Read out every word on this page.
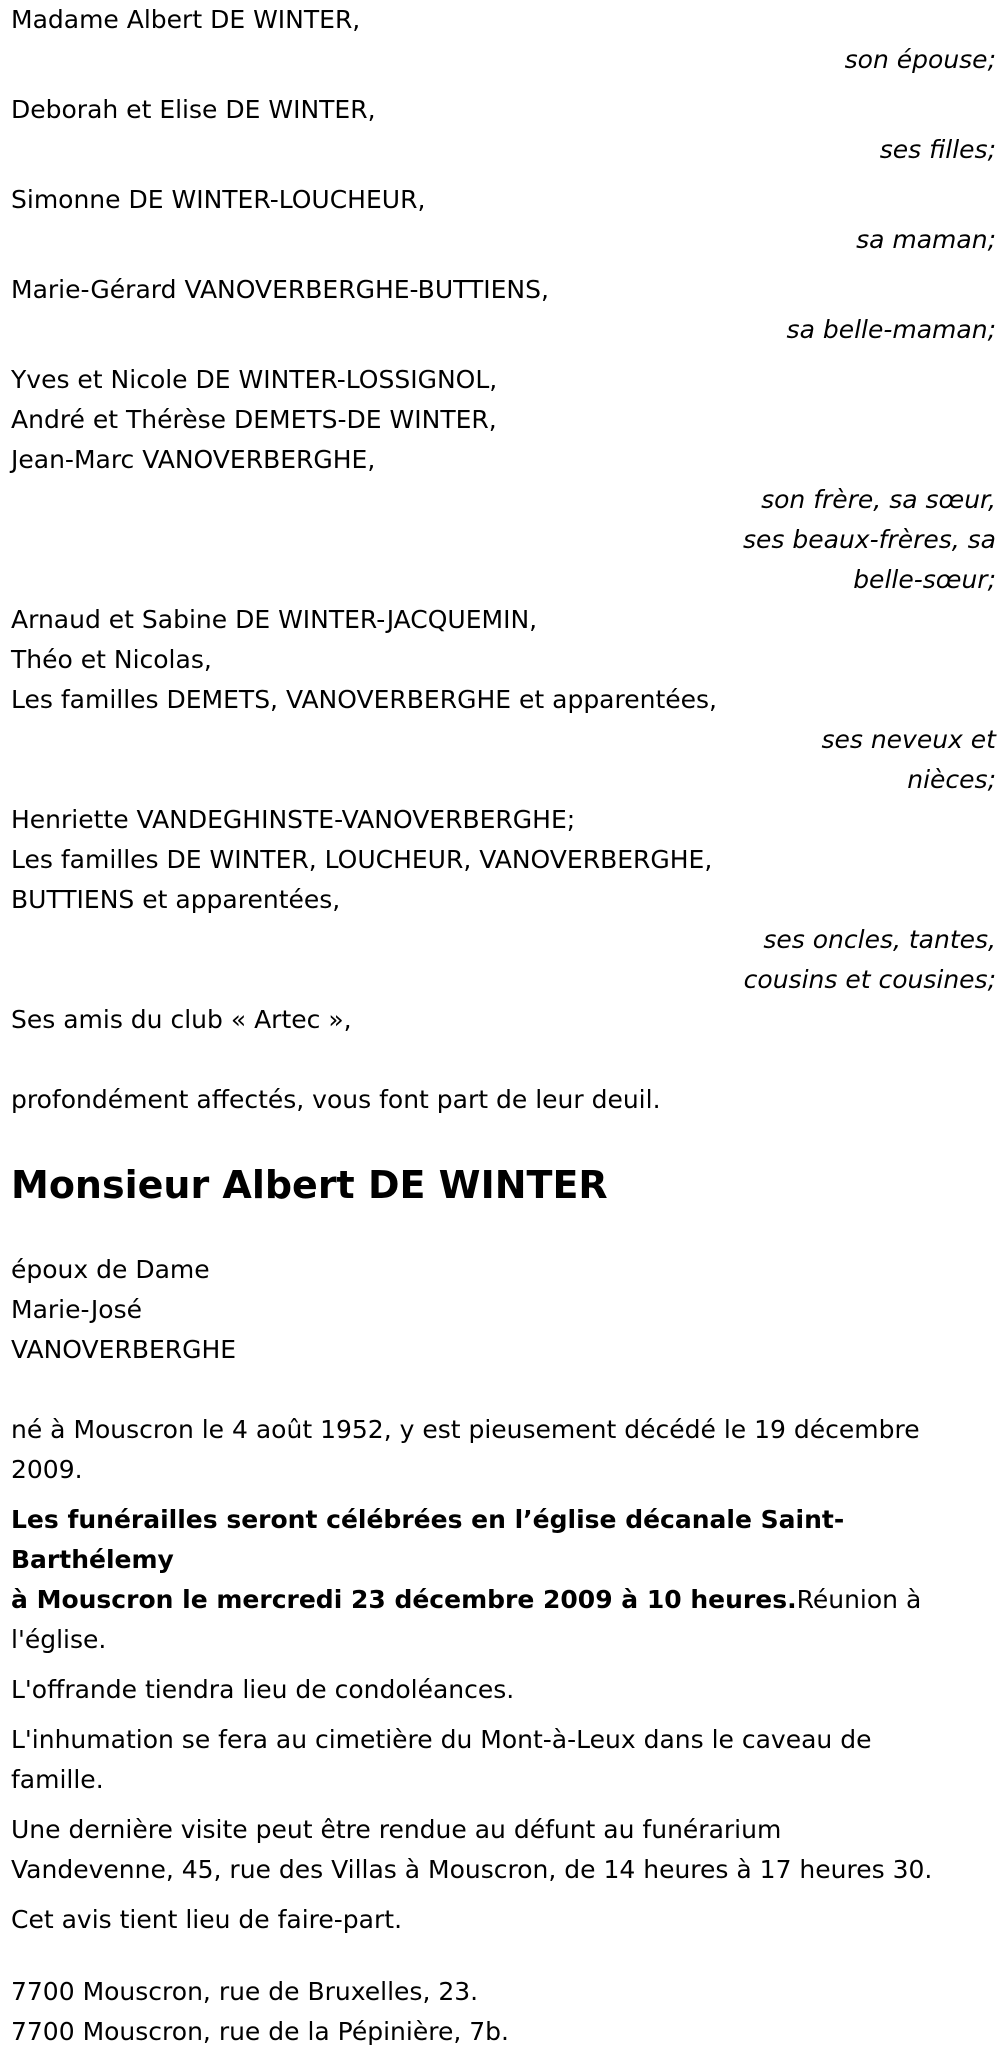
Madame Albert DE WINTER,
son épouse;
Deborah et Elise DE WINTER,
ses filles;
Simonne DE WINTER-LOUCHEUR,
sa maman;
Marie-Gérard VANOVERBERGHE-BUTTIENS,
sa belle-maman;
Yves et Nicole DE WINTER-LOSSIGNOL,
André et Thérèse DEMETS-DE WINTER,
Jean-Marc VANOVERBERGHE,
son frère, sa sœur,
ses beaux-frères, sa
belle-sœur;
Arnaud et Sabine DE WINTER-JACQUEMIN,
Théo et Nicolas,
Les familles DEMETS, VANOVERBERGHE et apparentées,
ses neveux et
nièces;
Henriette VANDEGHINSTE-VANOVERBERGHE;
Les familles DE WINTER, LOUCHEUR, VANOVERBERGHE,
BUTTIENS et apparentées,
ses oncles, tantes,
cousins et cousines;
Ses amis du club « Artec »,
profondément affectés, vous font part de leur deuil.
Monsieur Albert DE WINTER
époux de Dame
Marie-José
VANOVERBERGHE
né à Mouscron le 4 août 1952, y est pieusement décédé le 19 décembre
2009.
Les funérailles seront célébrées en l’église décanale Saint-Barthélemy
à Mouscron le mercredi 23 décembre 2009 à 10 heures.Réunion à
l'église.
L'offrande tiendra lieu de condoléances.
L'inhumation se fera au cimetière du Mont-à-Leux dans le caveau de
famille.
Une dernière visite peut être rendue au défunt au funérarium
Vandevenne, 45, rue des Villas à Mouscron, de 14 heures à 17 heures 30.
Cet avis tient lieu de faire-part.
7700 Mouscron, rue de Bruxelles, 23.
7700 Mouscron, rue de la Pépinière, 7b.
